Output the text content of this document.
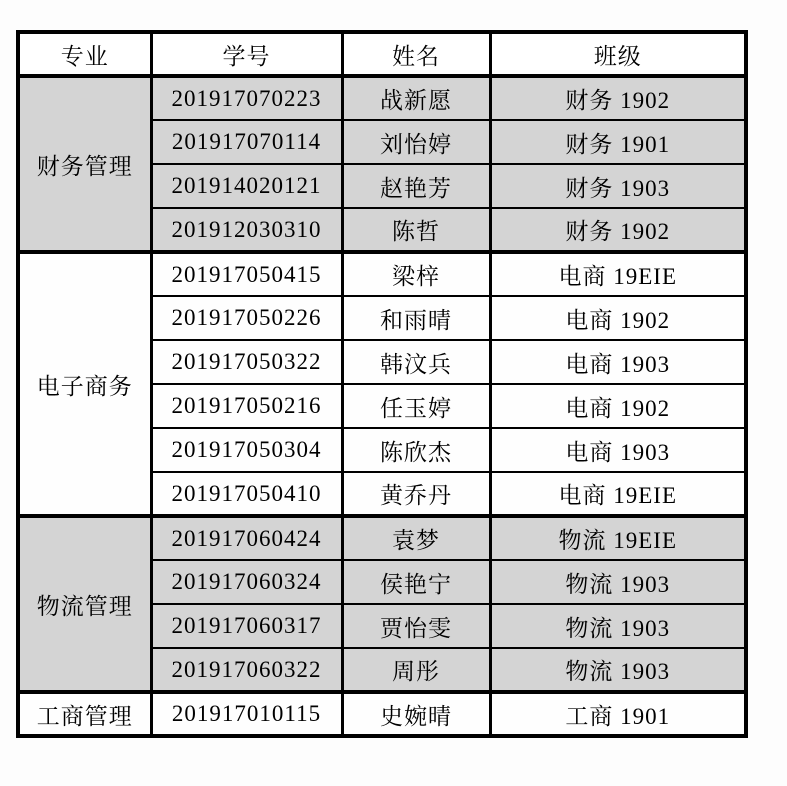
专业	学号	姓名	班级
财务管理	201917070223	战新愿	财务 1902
	201917070114	刘怡婷	财务 1901
	201914020121	赵艳芳	财务 1903
	201912030310	陈哲	财务 1902
电子商务	201917050415	梁梓	电商 19EIE
	201917050226	和雨晴	电商 1902
	201917050322	韩汶兵	电商 1903
	201917050216	任玉婷	电商 1902
	201917050304	陈欣杰	电商 1903
	201917050410	黄乔丹	电商 19EIE
物流管理	201917060424	袁梦	物流 19EIE
	201917060324	侯艳宁	物流 1903
	201917060317	贾怡雯	物流 1903
	201917060322	周彤	物流 1903
工商管理	201917010115	史婉晴	工商 1901
